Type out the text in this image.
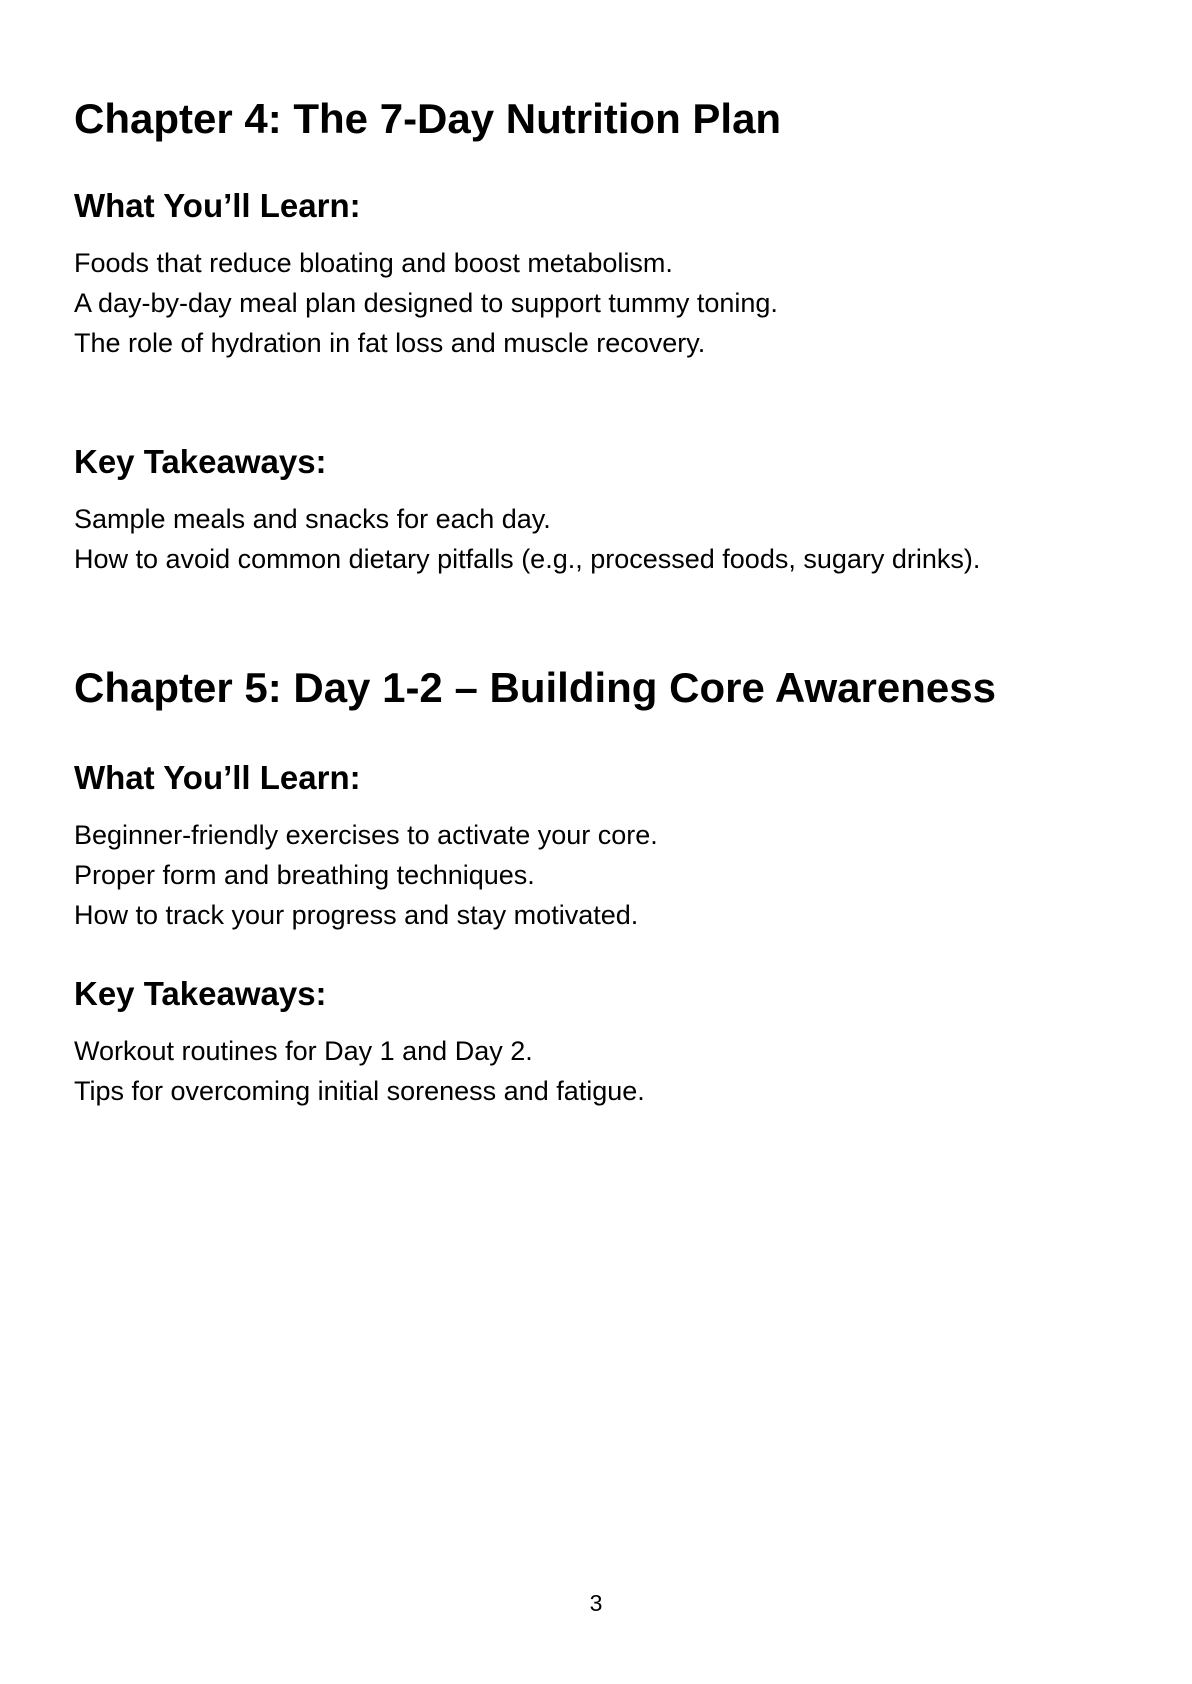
Chapter 4: The 7-Day Nutrition Plan
What You’ll Learn:

Foods that reduce bloating and boost metabolism.

A day-by-day meal plan designed to support tummy toning.

The role of hydration in fat loss and muscle recovery.

Key Takeaways:

Sample meals and snacks for each day.

How to avoid common dietary pitfalls (e.g., processed foods, sugary drinks).

Chapter 5: Day 1-2 – Building Core Awareness
What You’ll Learn:

Beginner-friendly exercises to activate your core.

Proper form and breathing techniques.

How to track your progress and stay motivated.

Key Takeaways:

Workout routines for Day 1 and Day 2.

Tips for overcoming initial soreness and fatigue.

3
